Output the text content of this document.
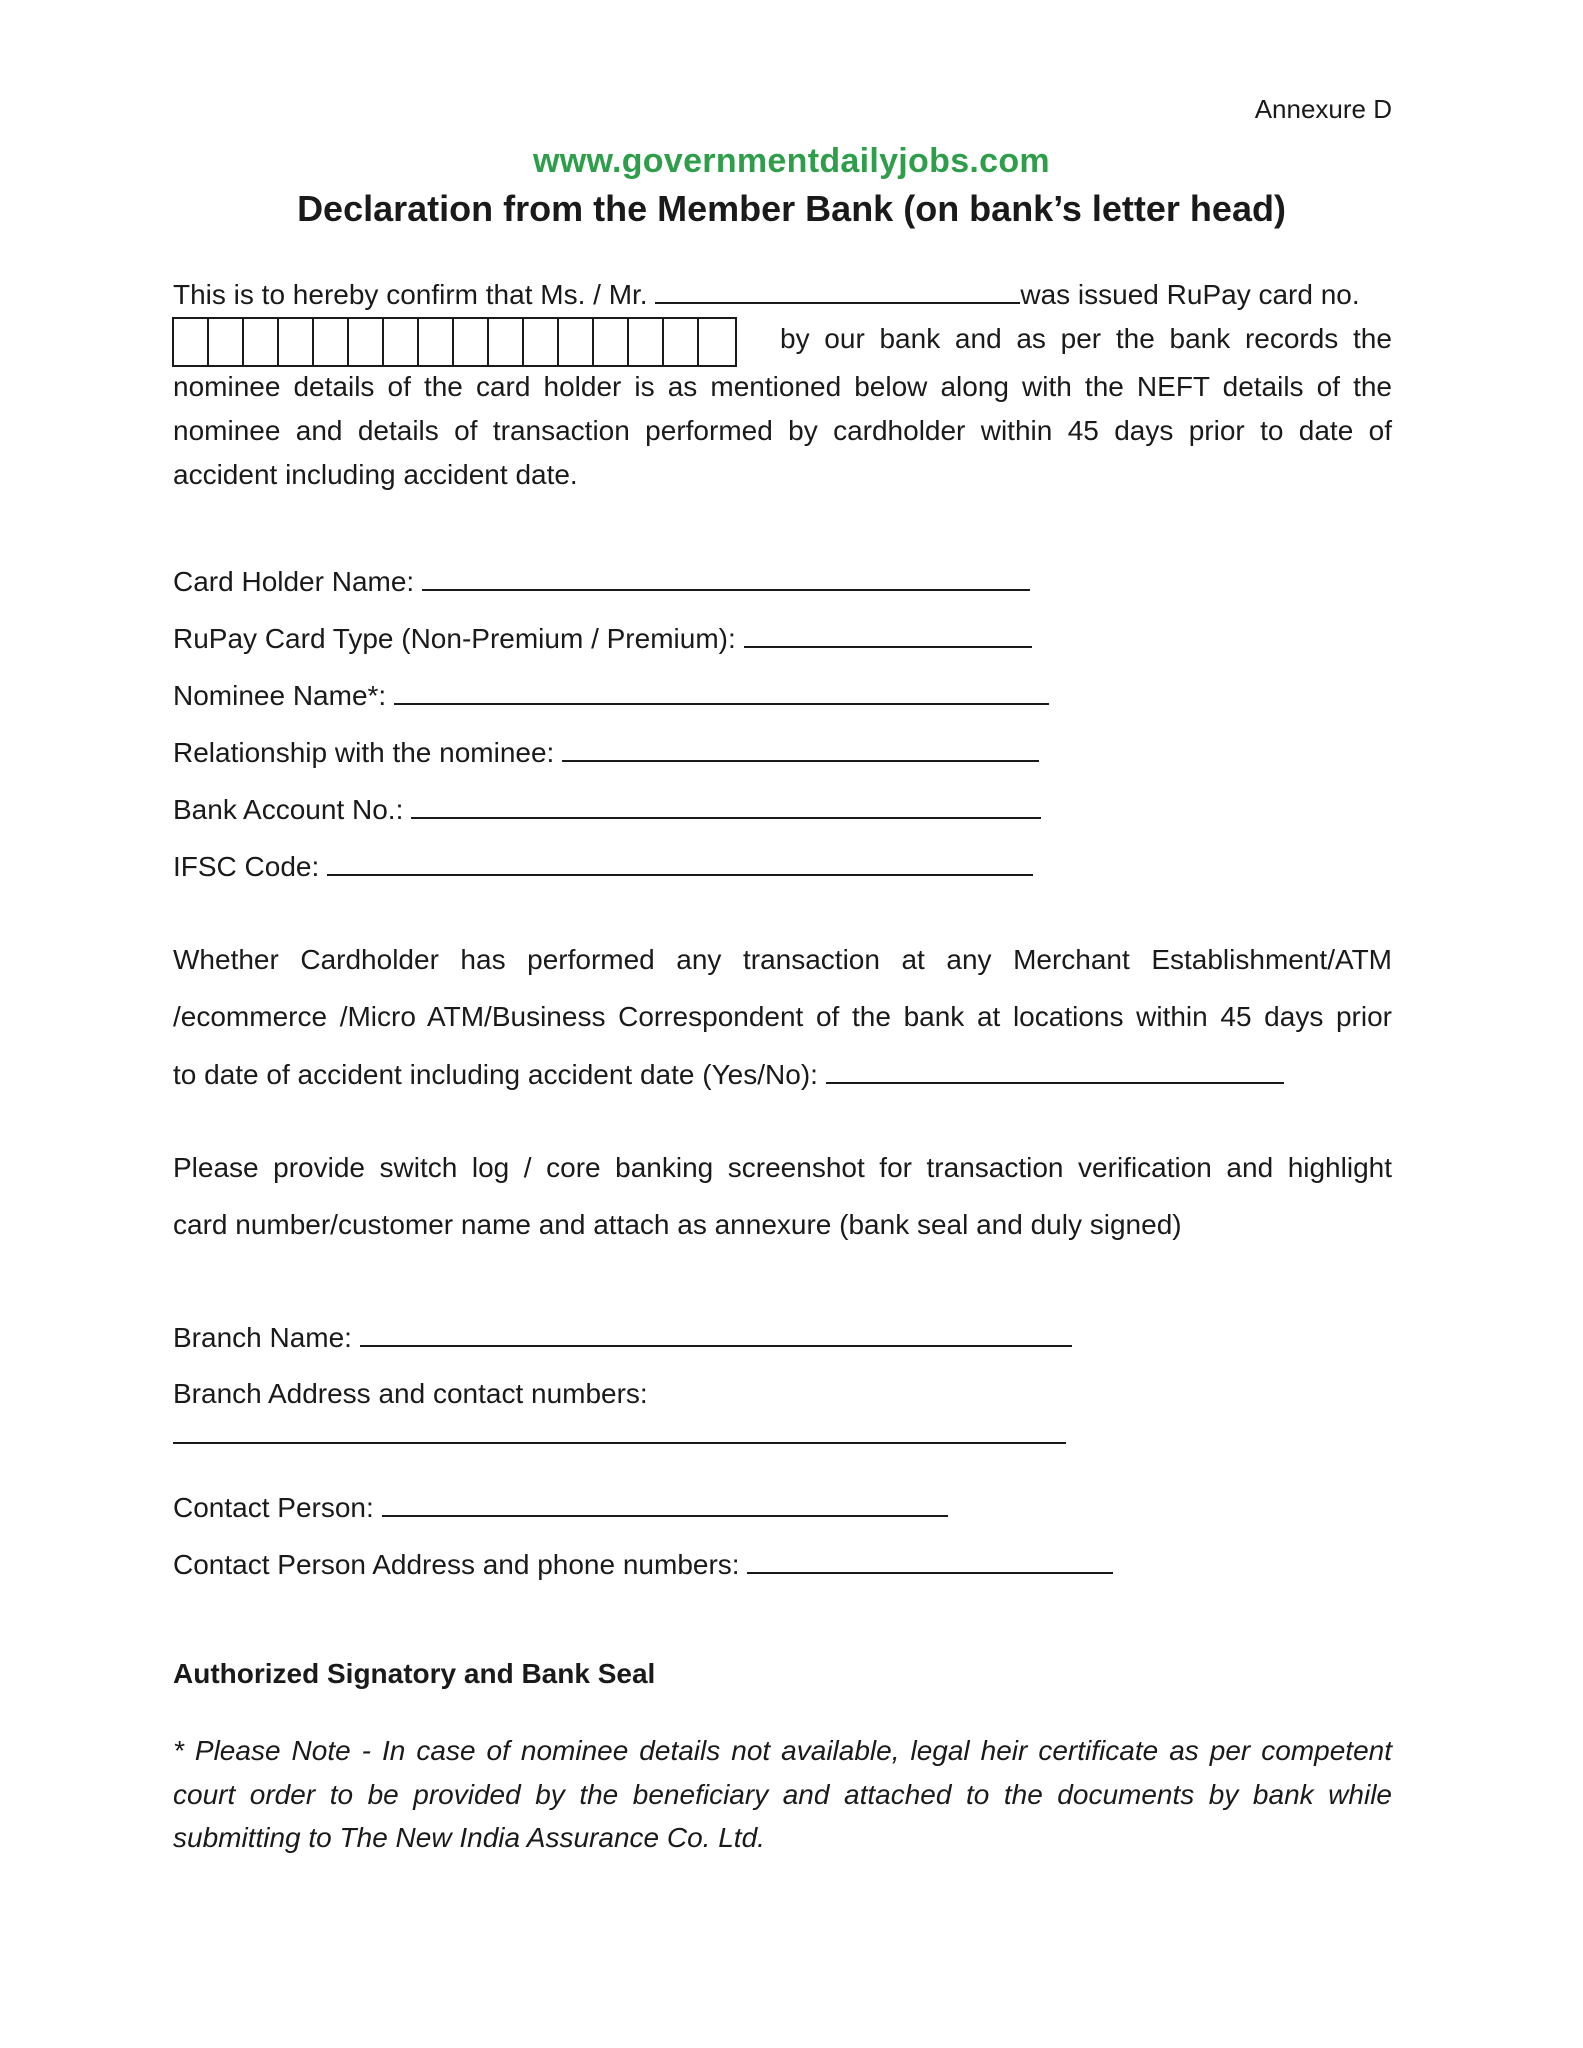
Annexure D
www.governmentdailyjobs.com
Declaration from the Member Bank (on bank’s letter head)
This is to hereby confirm that Ms. / Mr.	was issued RuPay card no.
by our bank and as per the bank records the
nominee details of the card holder is as mentioned below along with the NEFT details of the
nominee and details of transaction performed by cardholder within 45 days prior to date of
accident including accident date.
Card Holder Name:
RuPay Card Type (Non-Premium / Premium):
Nominee Name*:
Relationship with the nominee:
Bank Account No.:
IFSC Code:
Whether Cardholder has performed any transaction at any Merchant Establishment/ATM
/ecommerce /Micro ATM/Business Correspondent of the bank at locations within 45 days prior
to date of accident including accident date (Yes/No):
Please provide switch log / core banking screenshot for transaction verification and highlight
card number/customer name and attach as annexure (bank seal and duly signed)
Branch Name:
Branch Address and contact numbers:
Contact Person:
Contact Person Address and phone numbers:
Authorized Signatory and Bank Seal
* Please Note - In case of nominee details not available, legal heir certificate as per competent
court order to be provided by the beneficiary and attached to the documents by bank while
submitting to The New India Assurance Co. Ltd.
